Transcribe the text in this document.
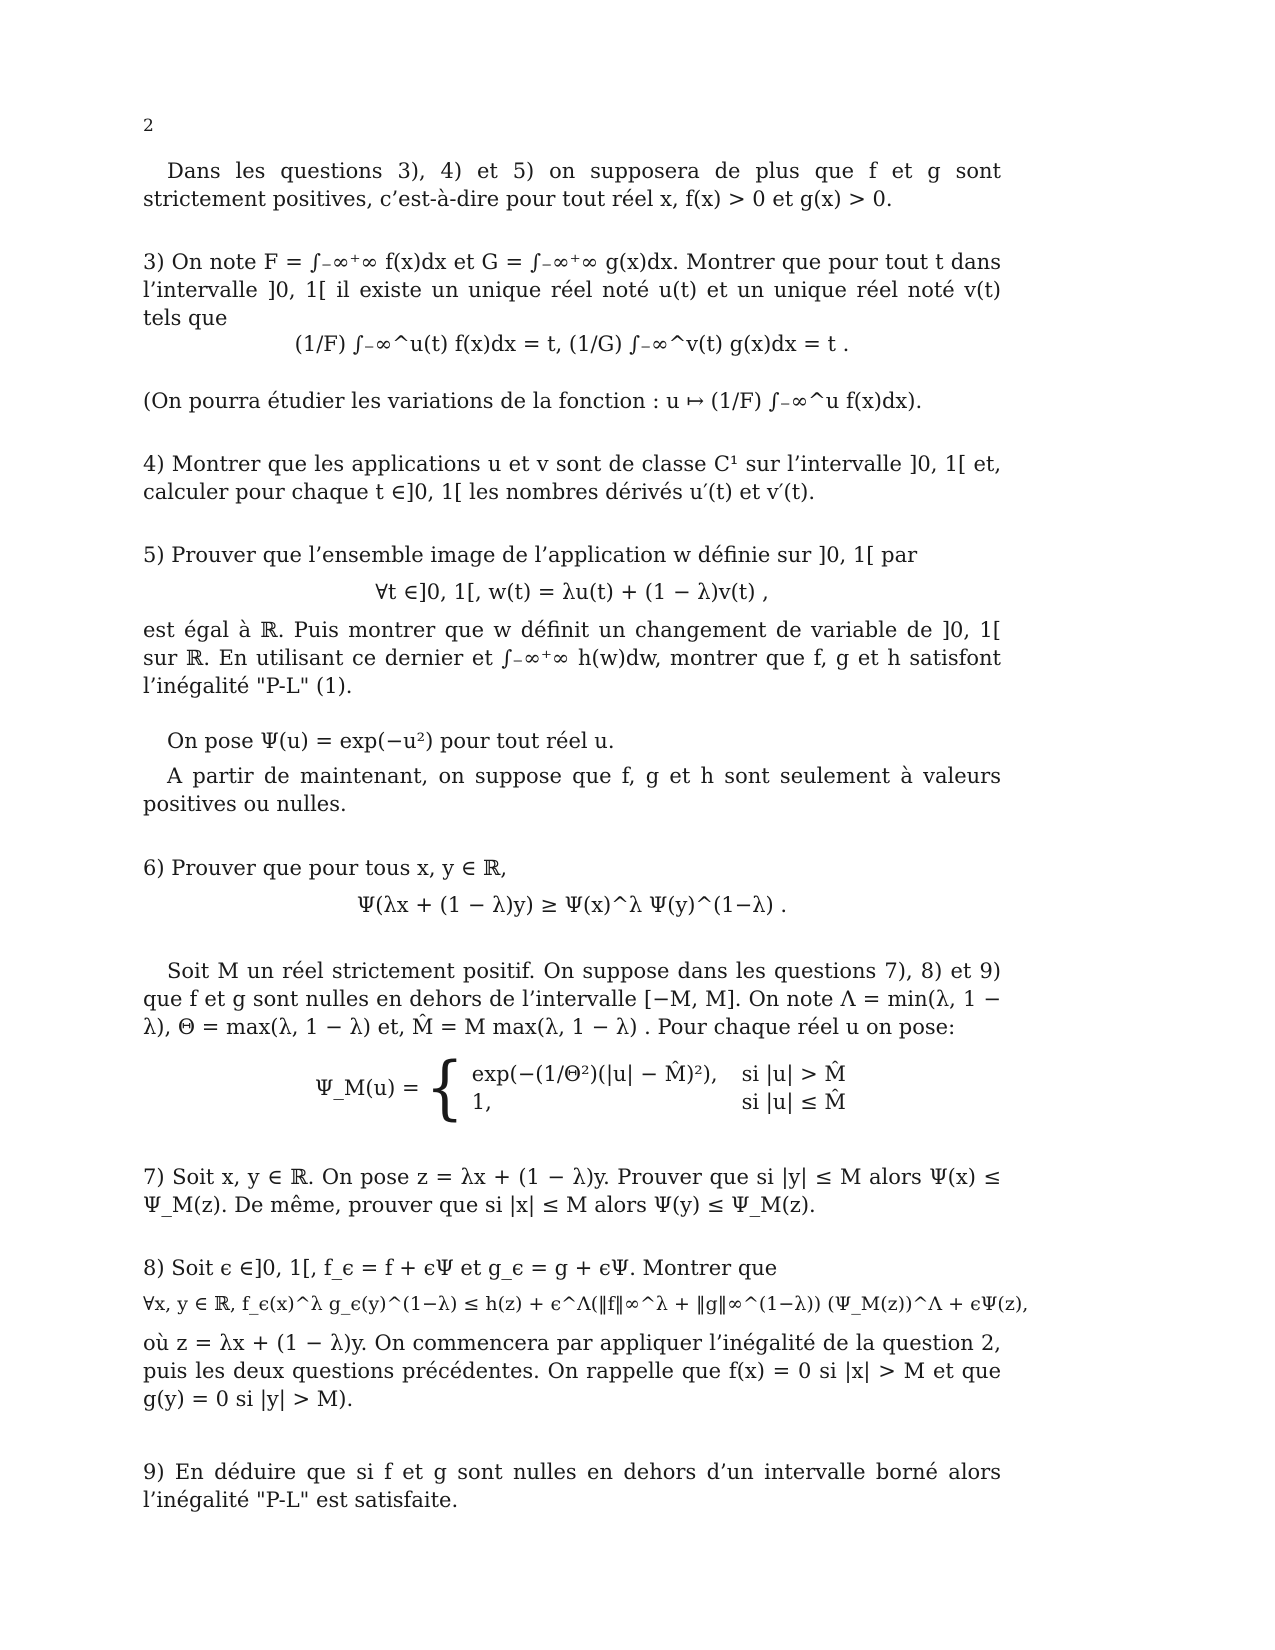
2
Dans les questions 3), 4) et 5) on supposera de plus que f et g sont strictement positives, c’est-à-dire pour tout réel x, f(x) > 0 et g(x) > 0.
3) On note F = ∫₋∞⁺∞ f(x)dx et G = ∫₋∞⁺∞ g(x)dx. Montrer que pour tout t dans l’intervalle ]0, 1[ il existe un unique réel noté u(t) et un unique réel noté v(t) tels que
(1/F) ∫₋∞^u(t) f(x)dx = t, (1/G) ∫₋∞^v(t) g(x)dx = t .
(On pourra étudier les variations de la fonction : u ↦ (1/F) ∫₋∞^u f(x)dx).
4) Montrer que les applications u et v sont de classe C¹ sur l’intervalle ]0, 1[ et, calculer pour chaque t ∈]0, 1[ les nombres dérivés u′(t) et v′(t).
5) Prouver que l’ensemble image de l’application w définie sur ]0, 1[ par
∀t ∈]0, 1[, w(t) = λu(t) + (1 − λ)v(t) ,
est égal à ℝ. Puis montrer que w définit un changement de variable de ]0, 1[ sur ℝ. En utilisant ce dernier et ∫₋∞⁺∞ h(w)dw, montrer que f, g et h satisfont l’inégalité "P-L" (1).
On pose Ψ(u) = exp(−u²) pour tout réel u.
A partir de maintenant, on suppose que f, g et h sont seulement à valeurs positives ou nulles.
6) Prouver que pour tous x, y ∈ ℝ,
Ψ(λx + (1 − λ)y) ≥ Ψ(x)^λ Ψ(y)^(1−λ) .
Soit M un réel strictement positif. On suppose dans les questions 7), 8) et 9) que f et g sont nulles en dehors de l’intervalle [−M, M]. On note Λ = min(λ, 1 − λ), Θ = max(λ, 1 − λ) et, M̂ = M max(λ, 1 − λ) . Pour chaque réel u on pose:
Ψ_M(u) = { exp(−(1/Θ²)(|u| − M̂)²), si |u| > M̂
1,	si |u| ≤ M̂
7) Soit x, y ∈ ℝ. On pose z = λx + (1 − λ)y. Prouver que si |y| ≤ M alors Ψ(x) ≤ Ψ_M(z). De même, prouver que si |x| ≤ M alors Ψ(y) ≤ Ψ_M(z).
8) Soit ϵ ∈]0, 1[, f_ϵ = f + ϵΨ et g_ϵ = g + ϵΨ. Montrer que
∀x, y ∈ ℝ, f_ϵ(x)^λ g_ϵ(y)^(1−λ) ≤ h(z) + ϵ^Λ(‖f‖∞^λ + ‖g‖∞^(1−λ)) (Ψ_M(z))^Λ + ϵΨ(z),
où z = λx + (1 − λ)y. On commencera par appliquer l’inégalité de la question 2, puis les deux questions précédentes. On rappelle que f(x) = 0 si |x| > M et que g(y) = 0 si |y| > M).
9) En déduire que si f et g sont nulles en dehors d’un intervalle borné alors l’inégalité "P-L" est satisfaite.
